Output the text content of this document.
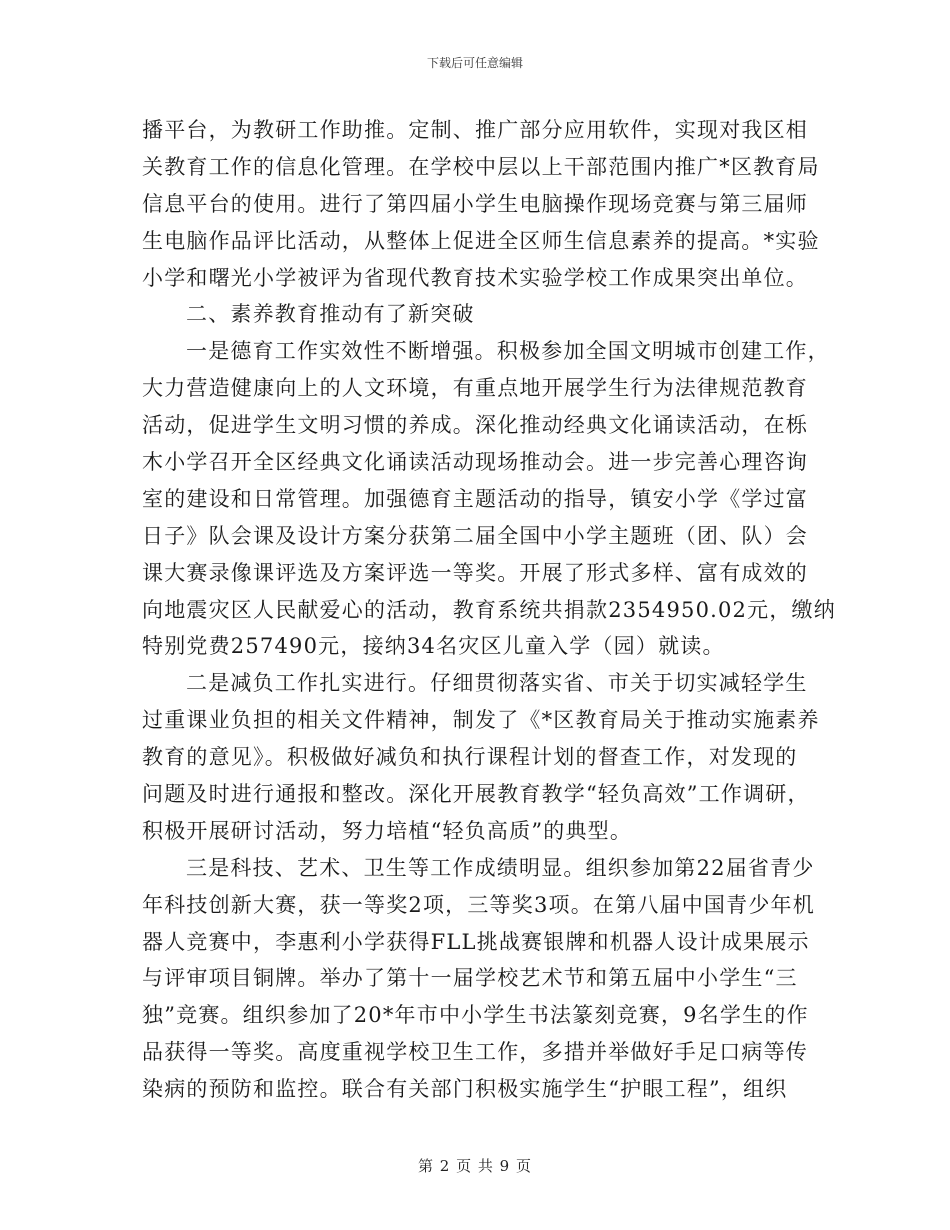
下载后可任意编辑
播平台，为教研工作助推。定制、推广部分应用软件，实现对我区相
关教育工作的信息化管理。在学校中层以上干部范围内推广*区教育局
信息平台的使用。进行了第四届小学生电脑操作现场竞赛与第三届师
生电脑作品评比活动，从整体上促进全区师生信息素养的提高。*实验
小学和曙光小学被评为省现代教育技术实验学校工作成果突出单位。
二、素养教育推动有了新突破
一是德育工作实效性不断增强。积极参加全国文明城市创建工作，
大力营造健康向上的人文环境，有重点地开展学生行为法律规范教育
活动，促进学生文明习惯的养成。深化推动经典文化诵读活动，在栎
木小学召开全区经典文化诵读活动现场推动会。进一步完善心理咨询
室的建设和日常管理。加强德育主题活动的指导，镇安小学《学过富
日子》队会课及设计方案分获第二届全国中小学主题班（团、队）会
课大赛录像课评选及方案评选一等奖。开展了形式多样、富有成效的
向地震灾区人民献爱心的活动，教育系统共捐款2354950.02元，缴纳
特别党费257490元，接纳34名灾区儿童入学（园）就读。
二是减负工作扎实进行。仔细贯彻落实省、市关于切实减轻学生
过重课业负担的相关文件精神，制发了《*区教育局关于推动实施素养
教育的意见》。积极做好减负和执行课程计划的督查工作，对发现的
问题及时进行通报和整改。深化开展教育教学“轻负高效”工作调研，
积极开展研讨活动，努力培植“轻负高质”的典型。
三是科技、艺术、卫生等工作成绩明显。组织参加第22届省青少
年科技创新大赛，获一等奖2项，三等奖3项。在第八届中国青少年机
器人竞赛中，李惠利小学获得FLL挑战赛银牌和机器人设计成果展示
与评审项目铜牌。举办了第十一届学校艺术节和第五届中小学生“三
独”竞赛。组织参加了20*年市中小学生书法篆刻竞赛，9名学生的作
品获得一等奖。高度重视学校卫生工作，多措并举做好手足口病等传
染病的预防和监控。联合有关部门积极实施学生“护眼工程”，组织
第 2 页 共 9 页
